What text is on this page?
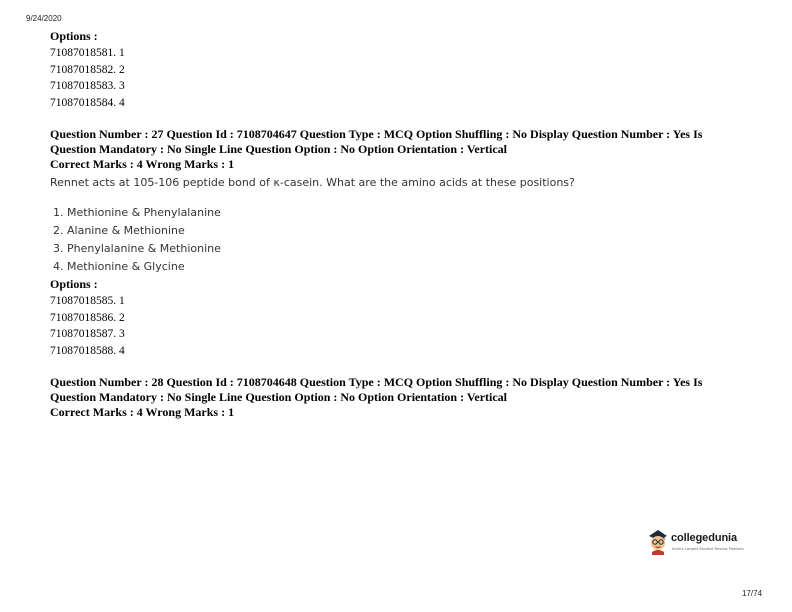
9/24/2020
Options :
71087018581. 1
71087018582. 2
71087018583. 3
71087018584. 4
Question Number : 27 Question Id : 7108704647 Question Type : MCQ Option Shuffling : No Display Question Number : Yes Is
Question Mandatory : No Single Line Question Option : No Option Orientation : Vertical
Correct Marks : 4 Wrong Marks : 1
Rennet acts at 105-106 peptide bond of κ-casein. What are the amino acids at these positions?
1. Methionine & Phenylalanine
2. Alanine & Methionine
3. Phenylalanine & Methionine
4. Methionine & Glycine
Options :
71087018585. 1
71087018586. 2
71087018587. 3
71087018588. 4
Question Number : 28 Question Id : 7108704648 Question Type : MCQ Option Shuffling : No Display Question Number : Yes Is
Question Mandatory : No Single Line Question Option : No Option Orientation : Vertical
Correct Marks : 4 Wrong Marks : 1
collegedunia
India's Largest Student Review Platform
17/74
